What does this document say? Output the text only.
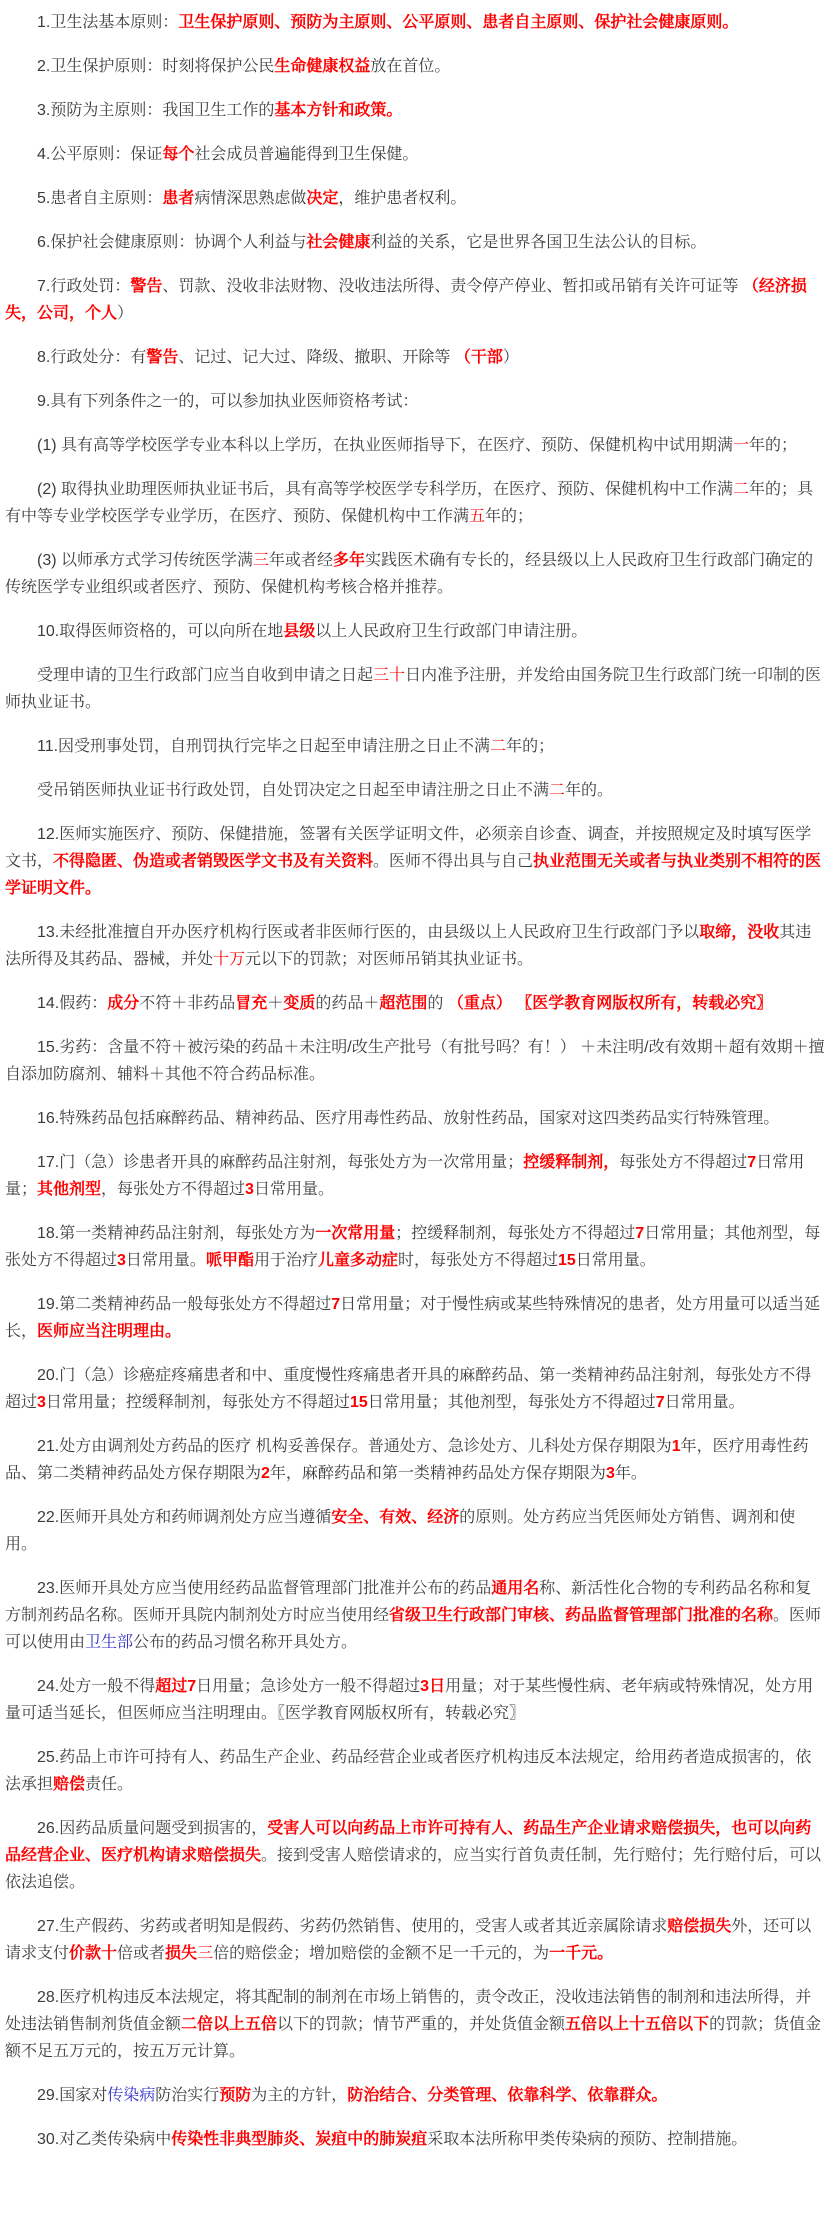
1.卫生法基本原则：卫生保护原则、预防为主原则、公平原则、患者自主原则、保护社会健康原则。

2.卫生保护原则：时刻将保护公民生命健康权益放在首位。

3.预防为主原则：我国卫生工作的基本方针和政策。

4.公平原则：保证每个社会成员普遍能得到卫生保健。

5.患者自主原则：患者病情深思熟虑做决定，维护患者权利。

6.保护社会健康原则：协调个人利益与社会健康利益的关系，它是世界各国卫生法公认的目标。

7.行政处罚：警告、罚款、没收非法财物、没收违法所得、责令停产停业、暂扣或吊销有关许可证等 （经济损失，公司，个人）

8.行政处分：有警告、记过、记大过、降级、撤职、开除等 （干部）

9.具有下列条件之一的，可以参加执业医师资格考试：

(1) 具有高等学校医学专业本科以上学历，在执业医师指导下，在医疗、预防、保健机构中试用期满一年的；

(2) 取得执业助理医师执业证书后，具有高等学校医学专科学历，在医疗、预防、保健机构中工作满二年的；具有中等专业学校医学专业学历，在医疗、预防、保健机构中工作满五年的；

(3) 以师承方式学习传统医学满三年或者经多年实践医术确有专长的，经县级以上人民政府卫生行政部门确定的传统医学专业组织或者医疗、预防、保健机构考核合格并推荐。

10.取得医师资格的，可以向所在地县级以上人民政府卫生行政部门申请注册。

受理申请的卫生行政部门应当自收到申请之日起三十日内准予注册，并发给由国务院卫生行政部门统一印制的医师执业证书。

11.因受刑事处罚，自刑罚执行完毕之日起至申请注册之日止不满二年的；

受吊销医师执业证书行政处罚，自处罚决定之日起至申请注册之日止不满二年的。

12.医师实施医疗、预防、保健措施，签署有关医学证明文件，必须亲自诊查、调查，并按照规定及时填写医学文书，不得隐匿、伪造或者销毁医学文书及有关资料。医师不得出具与自己执业范围无关或者与执业类别不相符的医学证明文件。

13.未经批准擅自开办医疗机构行医或者非医师行医的，由县级以上人民政府卫生行政部门予以取缔，没收其违法所得及其药品、器械，并处十万元以下的罚款；对医师吊销其执业证书。

14.假药：成分不符＋非药品冒充＋变质的药品＋超范围的 （重点） 〖医学教育网版权所有，转载必究〗

15.劣药：含量不符＋被污染的药品＋未注明/改生产批号（有批号吗？有！） ＋未注明/改有效期＋超有效期＋擅自添加防腐剂、辅料＋其他不符合药品标准。

16.特殊药品包括麻醉药品、精神药品、医疗用毒性药品、放射性药品，国家对这四类药品实行特殊管理。

17.门（急）诊患者开具的麻醉药品注射剂，每张处方为一次常用量；控缓释制剂，每张处方不得超过7日常用量；其他剂型，每张处方不得超过3日常用量。

18.第一类精神药品注射剂，每张处方为一次常用量；控缓释制剂，每张处方不得超过7日常用量；其他剂型，每张处方不得超过3日常用量。哌甲酯用于治疗儿童多动症时，每张处方不得超过15日常用量。

19.第二类精神药品一般每张处方不得超过7日常用量；对于慢性病或某些特殊情况的患者，处方用量可以适当延长，医师应当注明理由。

20.门（急）诊癌症疼痛患者和中、重度慢性疼痛患者开具的麻醉药品、第一类精神药品注射剂，每张处方不得超过3日常用量；控缓释制剂，每张处方不得超过15日常用量；其他剂型，每张处方不得超过7日常用量。

21.处方由调剂处方药品的医疗 机构妥善保存。普通处方、急诊处方、儿科处方保存期限为1年，医疗用毒性药品、第二类精神药品处方保存期限为2年，麻醉药品和第一类精神药品处方保存期限为3年。

22.医师开具处方和药师调剂处方应当遵循安全、有效、经济的原则。处方药应当凭医师处方销售、调剂和使用。

23.医师开具处方应当使用经药品监督管理部门批准并公布的药品通用名称、新活性化合物的专利药品名称和复方制剂药品名称。医师开具院内制剂处方时应当使用经省级卫生行政部门审核、药品监督管理部门批准的名称。医师可以使用由卫生部公布的药品习惯名称开具处方。

24.处方一般不得超过7日用量；急诊处方一般不得超过3日用量；对于某些慢性病、老年病或特殊情况，处方用量可适当延长，但医师应当注明理由。〖医学教育网版权所有，转载必究〗

25.药品上市许可持有人、药品生产企业、药品经营企业或者医疗机构违反本法规定，给用药者造成损害的，依法承担赔偿责任。

26.因药品质量问题受到损害的，受害人可以向药品上市许可持有人、药品生产企业请求赔偿损失，也可以向药品经营企业、医疗机构请求赔偿损失。接到受害人赔偿请求的，应当实行首负责任制，先行赔付；先行赔付后，可以依法追偿。

27.生产假药、劣药或者明知是假药、劣药仍然销售、使用的，受害人或者其近亲属除请求赔偿损失外，还可以请求支付价款十倍或者损失三倍的赔偿金；增加赔偿的金额不足一千元的，为一千元。

28.医疗机构违反本法规定，将其配制的制剂在市场上销售的，责令改正，没收违法销售的制剂和违法所得，并处违法销售制剂货值金额二倍以上五倍以下的罚款；情节严重的，并处货值金额五倍以上十五倍以下的罚款；货值金额不足五万元的，按五万元计算。

29.国家对传染病防治实行预防为主的方针，防治结合、分类管理、依靠科学、依靠群众。

30.对乙类传染病中传染性非典型肺炎、炭疽中的肺炭疽采取本法所称甲类传染病的预防、控制措施。
